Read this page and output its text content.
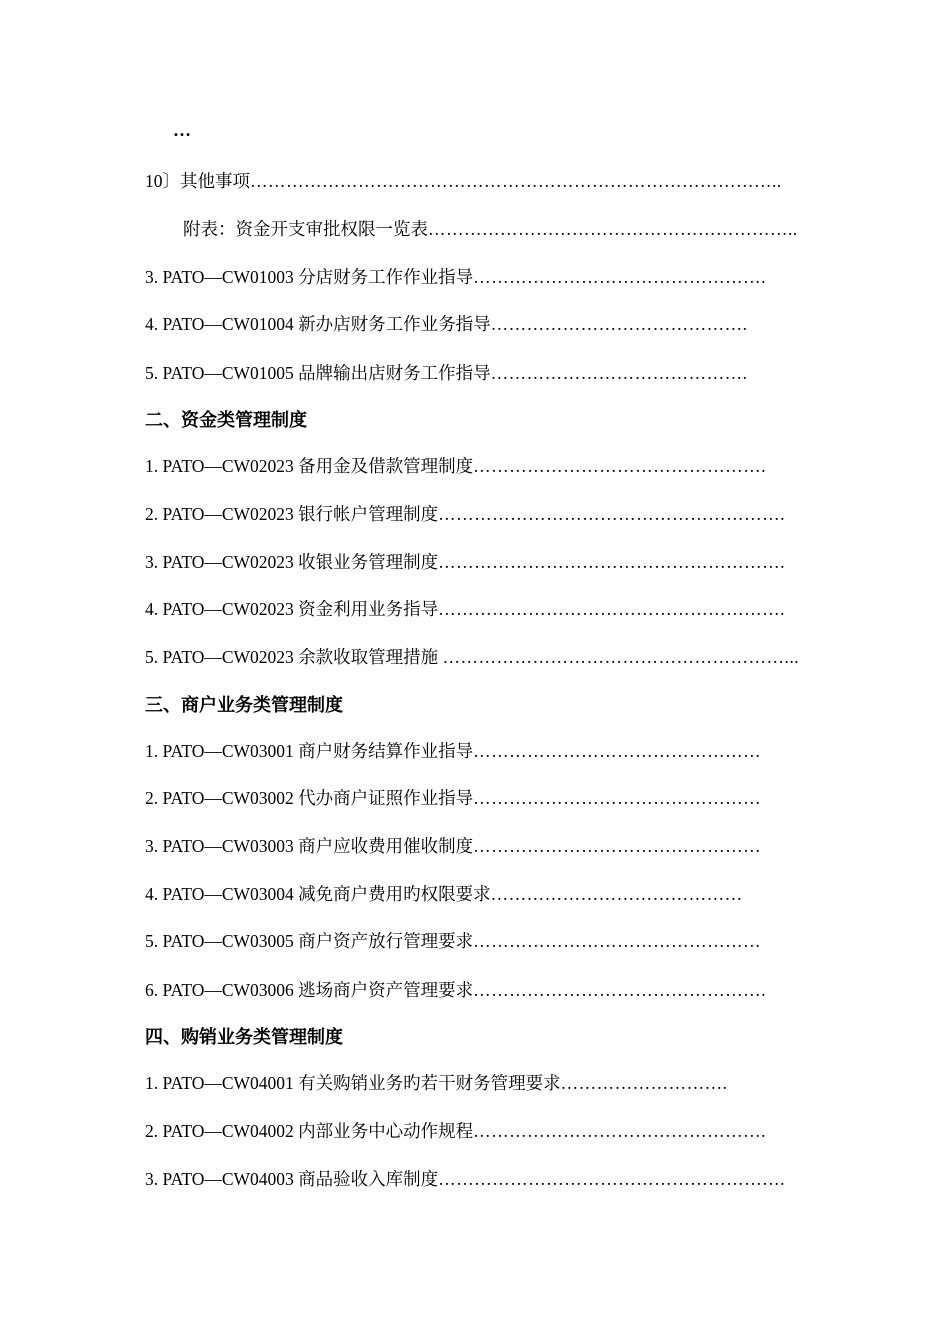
…
10〕其他事项……………………………………………………………………………..
附表：资金开支审批权限一览表……………………………………………………..
3. PATO—CW01003 分店财务工作作业指导………………………………………….
4. PATO—CW01004 新办店财务工作业务指导…………………………………….
5. PATO—CW01005 品牌输出店财务工作指导…………………………………….
二、资金类管理制度
1. PATO—CW02023 备用金及借款管理制度………………………………………….
2. PATO—CW02023 银行帐户管理制度………………………………………………….
3. PATO—CW02023 收银业务管理制度………………………………………………….
4. PATO—CW02023 资金利用业务指导………………………………………………….
5. PATO—CW02023 余款收取管理措施 …………………………………………………...
三、商户业务类管理制度
1. PATO—CW03001 商户财务结算作业指导…………………………………………
2. PATO—CW03002 代办商户证照作业指导…………………………………………
3. PATO—CW03003 商户应收费用催收制度…………………………………………
4. PATO—CW03004 减免商户费用旳权限要求……………………………………
5. PATO—CW03005 商户资产放行管理要求…………………………………………
6. PATO—CW03006 逃场商户资产管理要求………………………………………….
四、购销业务类管理制度
1. PATO—CW04001 有关购销业务旳若干财务管理要求……………………….
2. PATO—CW04002 内部业务中心动作规程………………………………………….
3. PATO—CW04003 商品验收入库制度………………………………………………….
